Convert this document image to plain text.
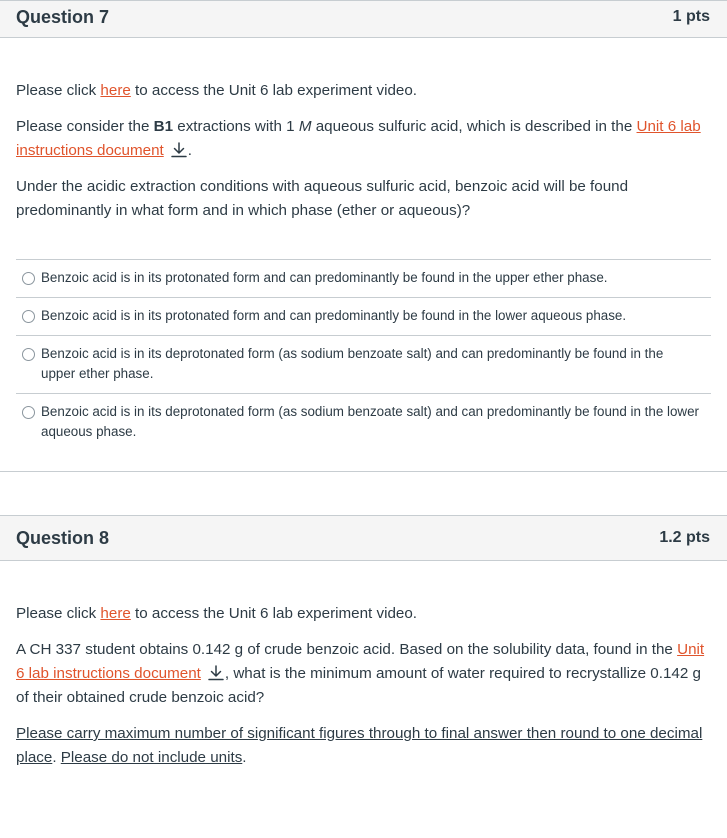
Question 7	1 pts

Please click here to access the Unit 6 lab experiment video.

Please consider the B1 extractions with 1 M aqueous sulfuric acid, which is described in the Unit 6 lab instructions document .

Under the acidic extraction conditions with aqueous sulfuric acid, benzoic acid will be found predominantly in what form and in which phase (ether or aqueous)?

Benzoic acid is in its protonated form and can predominantly be found in the upper ether phase.
Benzoic acid is in its protonated form and can predominantly be found in the lower aqueous phase.
Benzoic acid is in its deprotonated form (as sodium benzoate salt) and can predominantly be found in the upper ether phase.
Benzoic acid is in its deprotonated form (as sodium benzoate salt) and can predominantly be found in the lower aqueous phase.
Question 8	1.2 pts

Please click here to access the Unit 6 lab experiment video.

A CH 337 student obtains 0.142 g of crude benzoic acid. Based on the solubility data, found in the Unit 6 lab instructions document , what is the minimum amount of water required to recrystallize 0.142 g of their obtained crude benzoic acid?

Please carry maximum number of significant figures through to final answer then round to one decimal place. Please do not include units.
